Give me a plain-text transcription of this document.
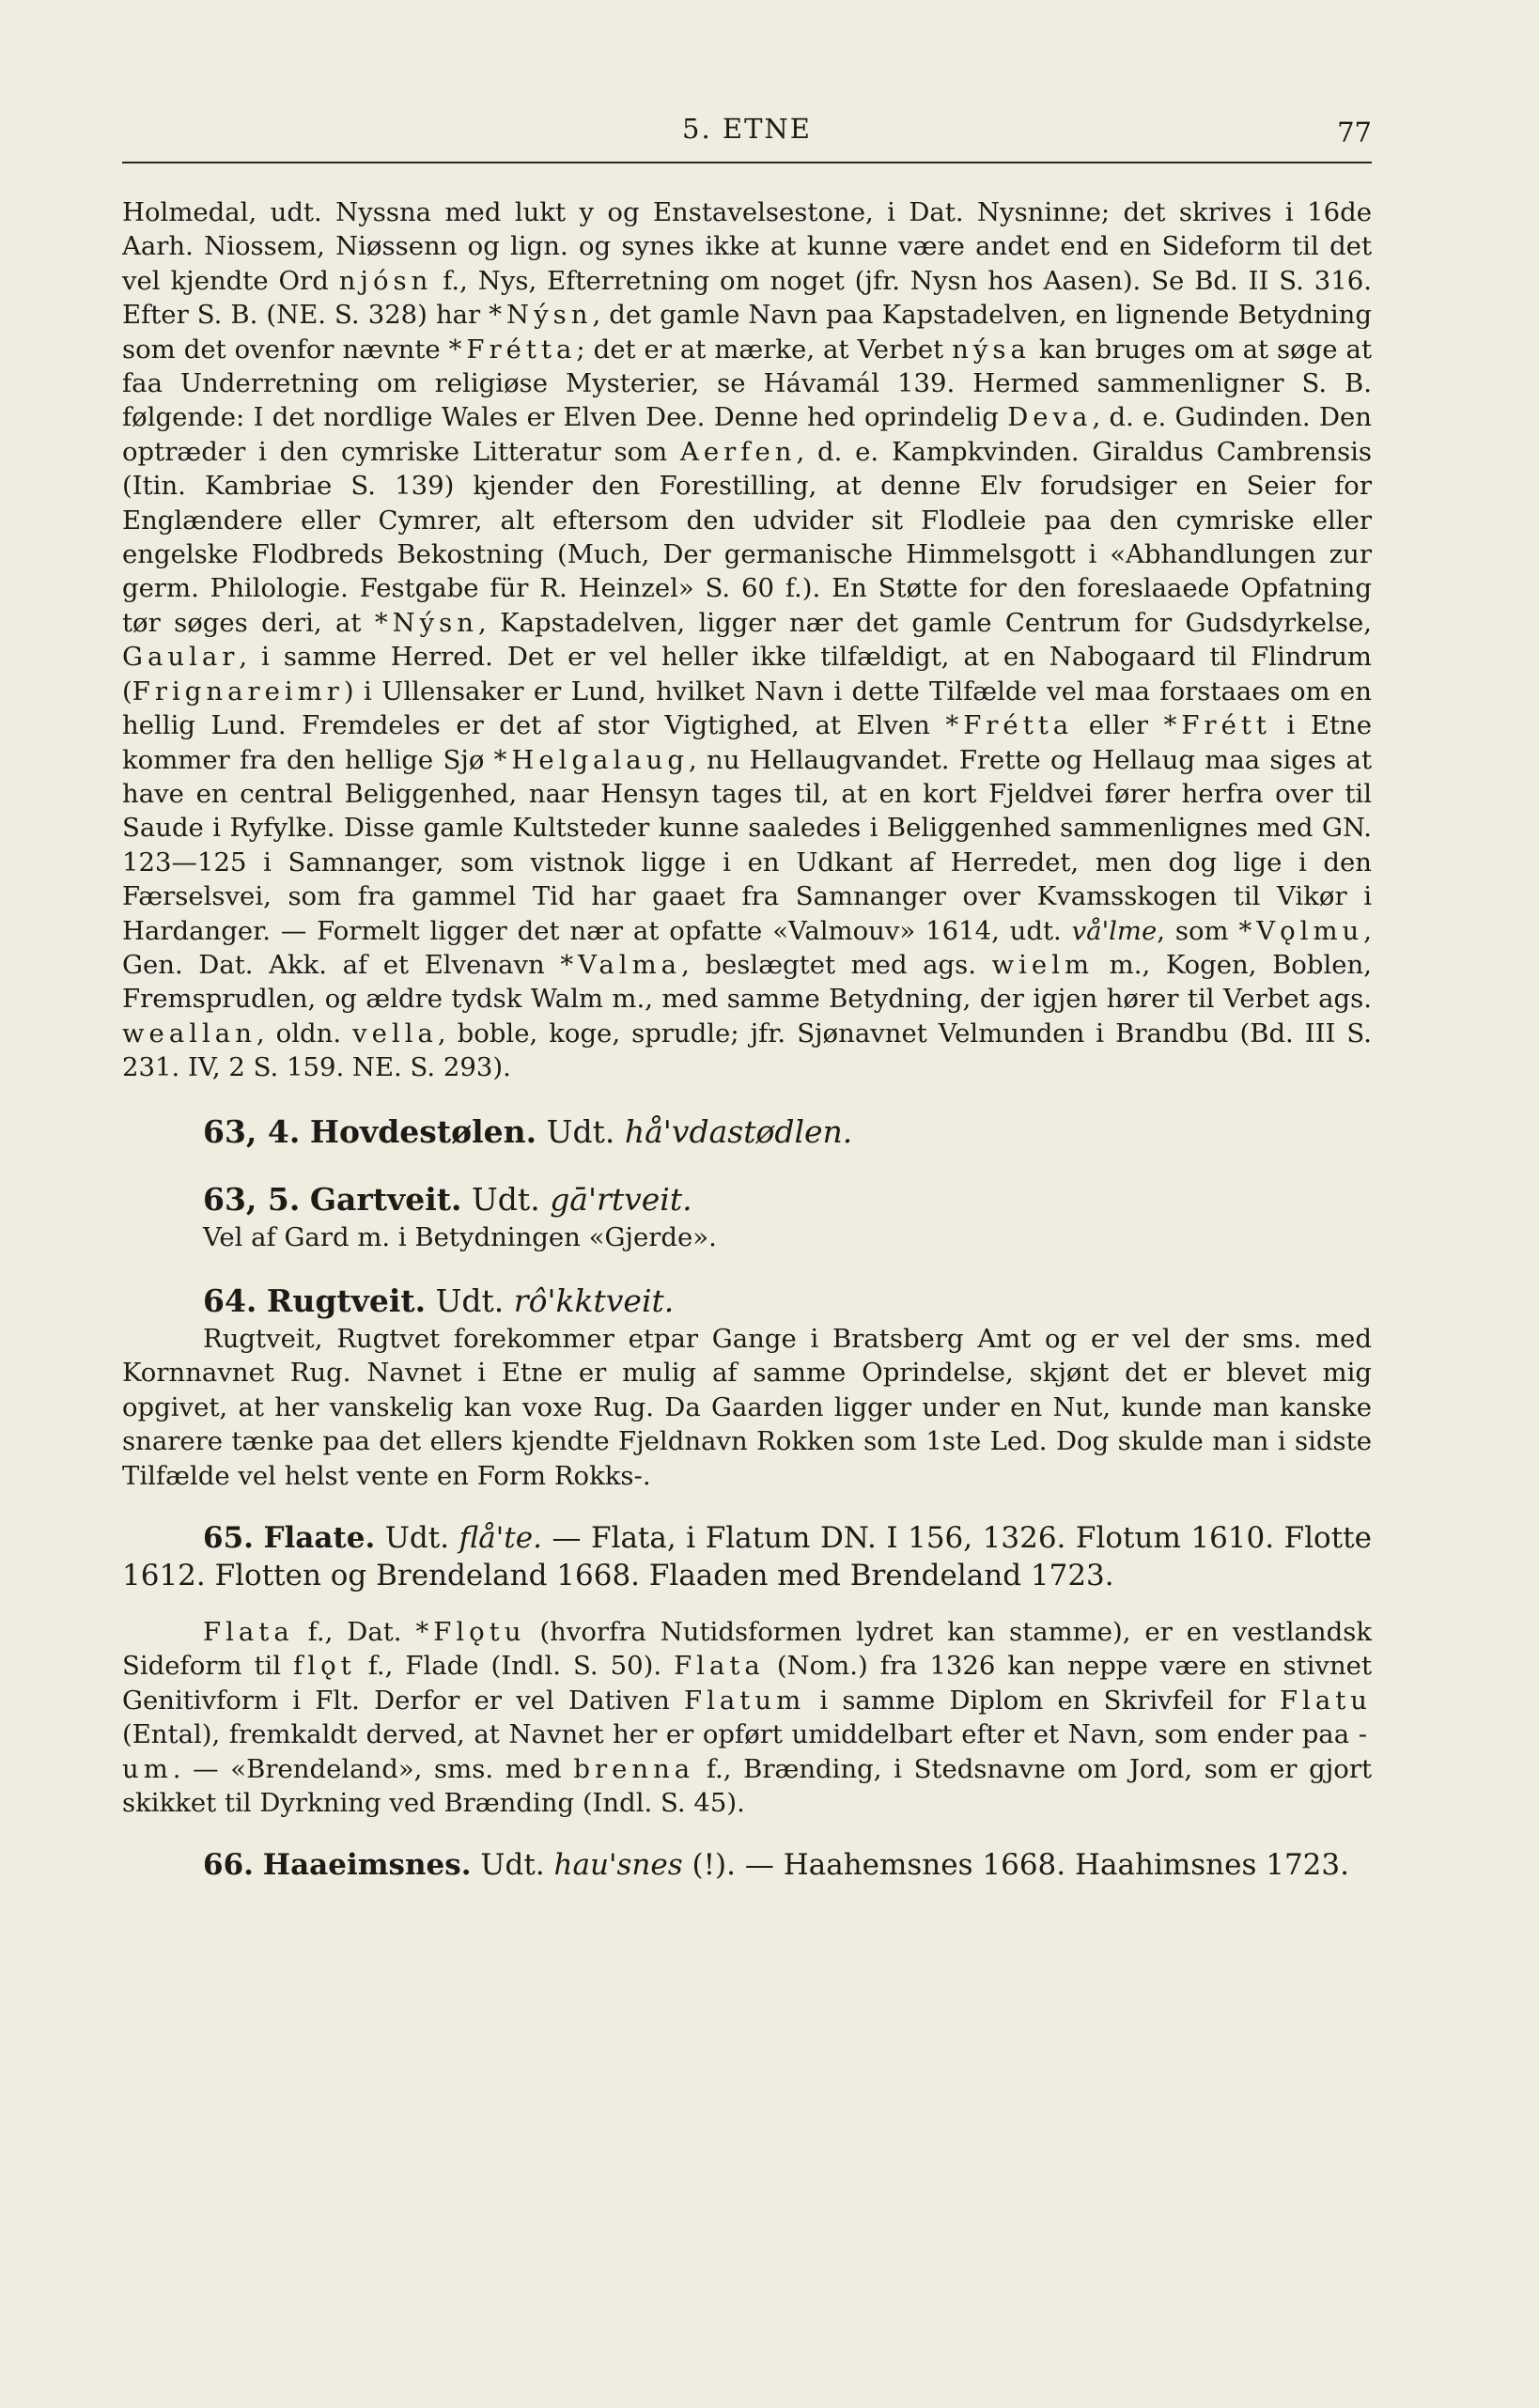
5. ETNE	77

Holmedal, udt. Nyssna med lukt y og Enstavelsestone, i Dat. Nysninne; det skrives i 16de Aarh. Niossem, Niøssenn og lign. og synes ikke at kunne være andet end en Sideform til det vel kjendte Ord njósn f., Nys, Efterretning om noget (jfr. Nysn hos Aasen). Se Bd. II S. 316. Efter S. B. (NE. S. 328) har *Nýsn, det gamle Navn paa Kapstadelven, en lignende Betydning som det ovenfor nævnte *Frétta; det er at mærke, at Verbet nýsa kan bruges om at søge at faa Underretning om religiøse Mysterier, se Hávamál 139. Hermed sammenligner S. B. følgende: I det nordlige Wales er Elven Dee. Denne hed oprindelig Deva, d. e. Gudinden. Den optræder i den cymriske Litteratur som Aerfen, d. e. Kampkvinden. Giraldus Cambrensis (Itin. Kambriae S. 139) kjender den Forestilling, at denne Elv forudsiger en Seier for Englændere eller Cymrer, alt eftersom den udvider sit Flodleie paa den cymriske eller engelske Flodbreds Bekostning (Much, Der germanische Himmelsgott i «Abhandlungen zur germ. Philologie. Festgabe für R. Heinzel» S. 60 f.). En Støtte for den foreslaaede Opfatning tør søges deri, at *Nýsn, Kapstadelven, ligger nær det gamle Centrum for Gudsdyrkelse, Gaular, i samme Herred. Det er vel heller ikke tilfældigt, at en Nabogaard til Flindrum (Frignareimr) i Ullensaker er Lund, hvilket Navn i dette Tilfælde vel maa forstaaes om en hellig Lund. Fremdeles er det af stor Vigtighed, at Elven *Frétta eller *Frétt i Etne kommer fra den hellige Sjø *Helgalaug, nu Hellaugvandet. Frette og Hellaug maa siges at have en central Beliggenhed, naar Hensyn tages til, at en kort Fjeldvei fører herfra over til Saude i Ryfylke. Disse gamle Kultsteder kunne saaledes i Beliggenhed sammenlignes med GN. 123—125 i Samnanger, som vistnok ligge i en Udkant af Herredet, men dog lige i den Færselsvei, som fra gammel Tid har gaaet fra Samnanger over Kvamsskogen til Vikør i Hardanger. — Formelt ligger det nær at opfatte «Valmouv» 1614, udt. vå'lme, som *Vǫlmu, Gen. Dat. Akk. af et Elvenavn *Valma, beslægtet med ags. wielm m., Kogen, Boblen, Fremsprudlen, og ældre tydsk Walm m., med samme Betydning, der igjen hører til Verbet ags. weallan, oldn. vella, boble, koge, sprudle; jfr. Sjønavnet Velmunden i Brandbu (Bd. III S. 231. IV, 2 S. 159. NE. S. 293).

63, 4. Hovdestølen. Udt. hå'vdastødlen.

63, 5. Gartveit. Udt. gā'rtveit.

Vel af Gard m. i Betydningen «Gjerde».

64. Rugtveit. Udt. rô'kktveit.

Rugtveit, Rugtvet forekommer etpar Gange i Bratsberg Amt og er vel der sms. med Kornnavnet Rug. Navnet i Etne er mulig af samme Oprindelse, skjønt det er blevet mig opgivet, at her vanskelig kan voxe Rug. Da Gaarden ligger under en Nut, kunde man kanske snarere tænke paa det ellers kjendte Fjeldnavn Rokken som 1ste Led. Dog skulde man i sidste Tilfælde vel helst vente en Form Rokks-.

65. Flaate. Udt. flå'te. — Flata, i Flatum DN. I 156, 1326. Flotum 1610. Flotte 1612. Flotten og Brendeland 1668. Flaaden med Brendeland 1723.

Flata f., Dat. *Flǫtu (hvorfra Nutidsformen lydret kan stamme), er en vestlandsk Sideform til flǫt f., Flade (Indl. S. 50). Flata (Nom.) fra 1326 kan neppe være en stivnet Genitivform i Flt. Derfor er vel Dativen Flatum i samme Diplom en Skrivfeil for Flatu (Ental), fremkaldt derved, at Navnet her er opført umiddelbart efter et Navn, som ender paa -um. — «Brendeland», sms. med brenna f., Brænding, i Stedsnavne om Jord, som er gjort skikket til Dyrkning ved Brænding (Indl. S. 45).

66. Haaeimsnes. Udt. hau'snes (!). — Haahemsnes 1668. Haahimsnes 1723.
